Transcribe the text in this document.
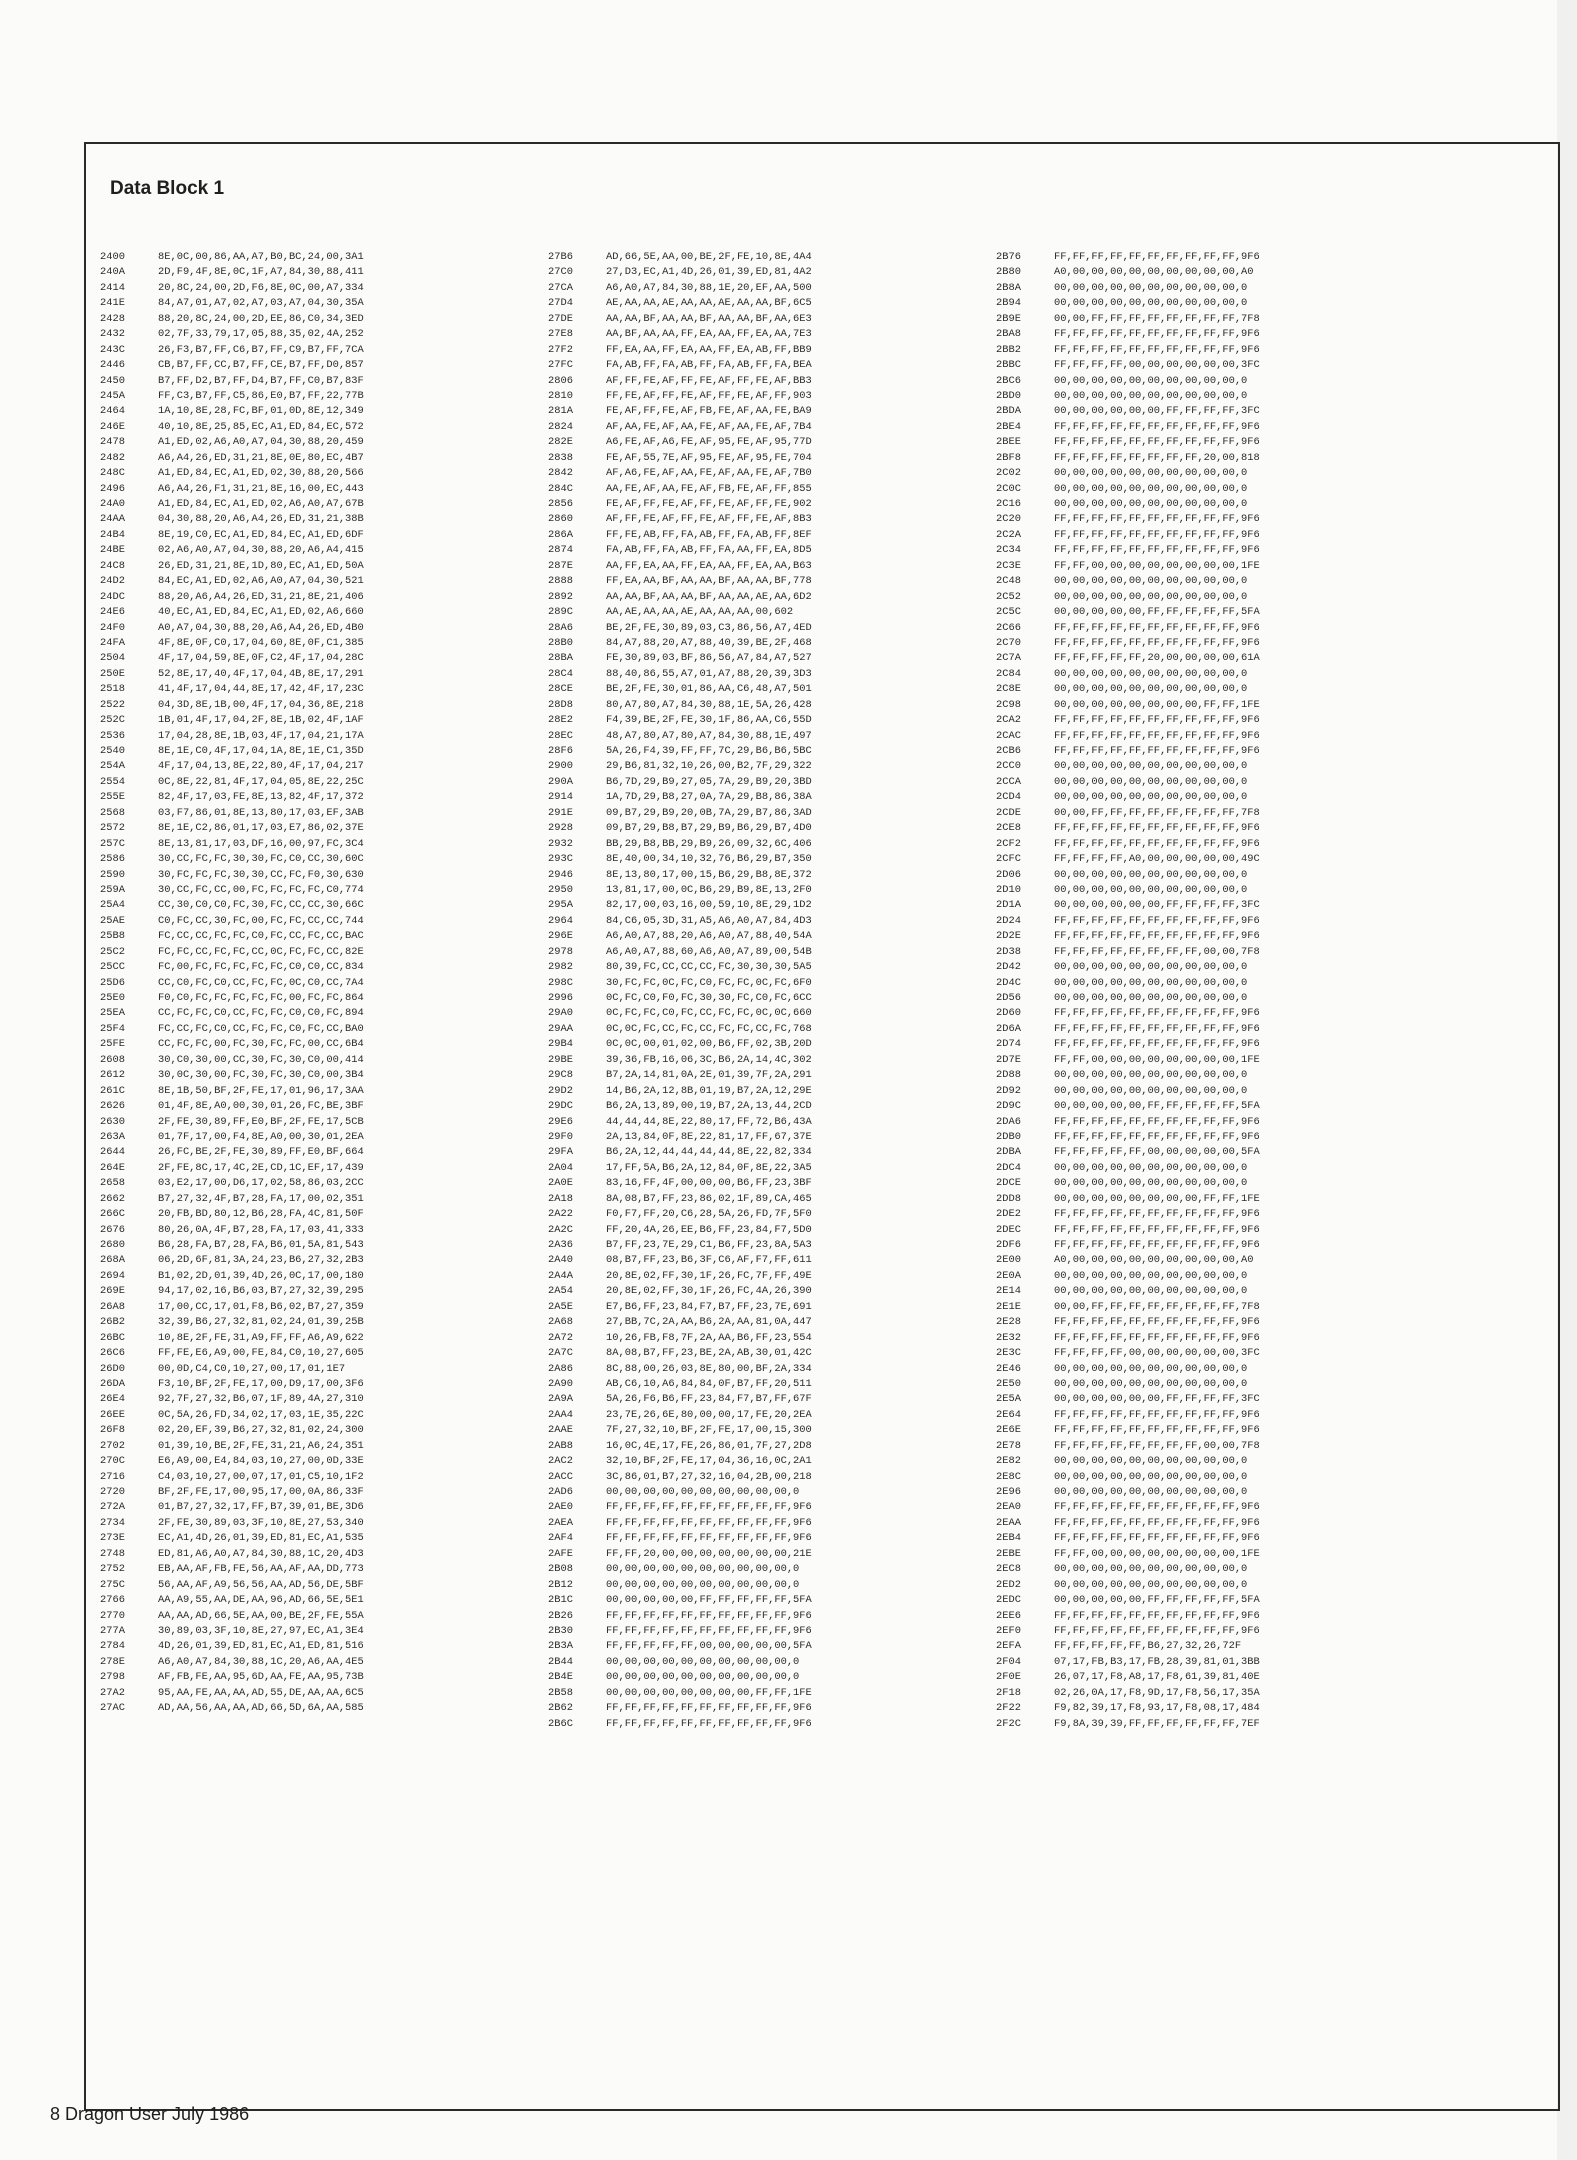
Data Block 1
2400	8E,0C,00,86,AA,A7,B0,BC,24,00,3A1
240A	2D,F9,4F,8E,0C,1F,A7,84,30,88,411
2414	20,8C,24,00,2D,F6,8E,0C,00,A7,334
241E	84,A7,01,A7,02,A7,03,A7,04,30,35A
2428	88,20,8C,24,00,2D,EE,86,C0,34,3ED
2432	02,7F,33,79,17,05,88,35,02,4A,252
243C	26,F3,B7,FF,C6,B7,FF,C9,B7,FF,7CA
2446	CB,B7,FF,CC,B7,FF,CE,B7,FF,D0,857
2450	B7,FF,D2,B7,FF,D4,B7,FF,C0,B7,83F
245A	FF,C3,B7,FF,C5,86,E0,B7,FF,22,77B
2464	1A,10,8E,28,FC,BF,01,0D,8E,12,349
246E	40,10,8E,25,85,EC,A1,ED,84,EC,572
2478	A1,ED,02,A6,A0,A7,04,30,88,20,459
2482	A6,A4,26,ED,31,21,8E,0E,80,EC,4B7
248C	A1,ED,84,EC,A1,ED,02,30,88,20,566
2496	A6,A4,26,F1,31,21,8E,16,00,EC,443
24A0	A1,ED,84,EC,A1,ED,02,A6,A0,A7,67B
24AA	04,30,88,20,A6,A4,26,ED,31,21,38B
24B4	8E,19,C0,EC,A1,ED,84,EC,A1,ED,6DF
24BE	02,A6,A0,A7,04,30,88,20,A6,A4,415
24C8	26,ED,31,21,8E,1D,80,EC,A1,ED,50A
24D2	84,EC,A1,ED,02,A6,A0,A7,04,30,521
24DC	88,20,A6,A4,26,ED,31,21,8E,21,406
24E6	40,EC,A1,ED,84,EC,A1,ED,02,A6,660
24F0	A0,A7,04,30,88,20,A6,A4,26,ED,4B0
24FA	4F,8E,0F,C0,17,04,60,8E,0F,C1,385
2504	4F,17,04,59,8E,0F,C2,4F,17,04,28C
250E	52,8E,17,40,4F,17,04,4B,8E,17,291
2518	41,4F,17,04,44,8E,17,42,4F,17,23C
2522	04,3D,8E,1B,00,4F,17,04,36,8E,218
252C	1B,01,4F,17,04,2F,8E,1B,02,4F,1AF
2536	17,04,28,8E,1B,03,4F,17,04,21,17A
2540	8E,1E,C0,4F,17,04,1A,8E,1E,C1,35D
254A	4F,17,04,13,8E,22,80,4F,17,04,217
2554	0C,8E,22,81,4F,17,04,05,8E,22,25C
255E	82,4F,17,03,FE,8E,13,82,4F,17,372
2568	03,F7,86,01,8E,13,80,17,03,EF,3AB
2572	8E,1E,C2,86,01,17,03,E7,86,02,37E
257C	8E,13,81,17,03,DF,16,00,97,FC,3C4
2586	30,CC,FC,FC,30,30,FC,C0,CC,30,60C
2590	30,FC,FC,FC,30,30,CC,FC,F0,30,630
259A	30,CC,FC,CC,00,FC,FC,FC,FC,C0,774
25A4	CC,30,C0,C0,FC,30,FC,CC,CC,30,66C
25AE	C0,FC,CC,30,FC,00,FC,FC,CC,CC,744
25B8	FC,CC,CC,FC,FC,C0,FC,CC,FC,CC,BAC
25C2	FC,FC,CC,FC,FC,CC,0C,FC,FC,CC,82E
25CC	FC,00,FC,FC,FC,FC,FC,C0,C0,CC,834
25D6	CC,C0,FC,C0,CC,FC,FC,0C,C0,CC,7A4
25E0	F0,C0,FC,FC,FC,FC,FC,00,FC,FC,864
25EA	CC,FC,FC,C0,CC,FC,FC,C0,C0,FC,894
25F4	FC,CC,FC,C0,CC,FC,FC,C0,FC,CC,BA0
25FE	CC,FC,FC,00,FC,30,FC,FC,00,CC,6B4
2608	30,C0,30,00,CC,30,FC,30,C0,00,414
2612	30,0C,30,00,FC,30,FC,30,C0,00,3B4
261C	8E,1B,50,BF,2F,FE,17,01,96,17,3AA
2626	01,4F,8E,A0,00,30,01,26,FC,BE,3BF
2630	2F,FE,30,89,FF,E0,BF,2F,FE,17,5CB
263A	01,7F,17,00,F4,8E,A0,00,30,01,2EA
2644	26,FC,BE,2F,FE,30,89,FF,E0,BF,664
264E	2F,FE,8C,17,4C,2E,CD,1C,EF,17,439
2658	03,E2,17,00,D6,17,02,58,86,03,2CC
2662	B7,27,32,4F,B7,28,FA,17,00,02,351
266C	20,FB,BD,80,12,B6,28,FA,4C,81,50F
2676	80,26,0A,4F,B7,28,FA,17,03,41,333
2680	B6,28,FA,B7,28,FA,B6,01,5A,81,543
268A	06,2D,6F,81,3A,24,23,B6,27,32,2B3
2694	B1,02,2D,01,39,4D,26,0C,17,00,180
269E	94,17,02,16,B6,03,B7,27,32,39,295
26A8	17,00,CC,17,01,F8,B6,02,B7,27,359
26B2	32,39,B6,27,32,81,02,24,01,39,25B
26BC	10,8E,2F,FE,31,A9,FF,FF,A6,A9,622
26C6	FF,FE,E6,A9,00,FE,84,C0,10,27,605
26D0	00,0D,C4,C0,10,27,00,17,01,1E7
26DA	F3,10,BF,2F,FE,17,00,D9,17,00,3F6
26E4	92,7F,27,32,B6,07,1F,89,4A,27,310
26EE	0C,5A,26,FD,34,02,17,03,1E,35,22C
26F8	02,20,EF,39,B6,27,32,81,02,24,300
2702	01,39,10,BE,2F,FE,31,21,A6,24,351
270C	E6,A9,00,E4,84,03,10,27,00,0D,33E
2716	C4,03,10,27,00,07,17,01,C5,10,1F2
2720	BF,2F,FE,17,00,95,17,00,0A,86,33F
272A	01,B7,27,32,17,FF,B7,39,01,BE,3D6
2734	2F,FE,30,89,03,3F,10,8E,27,53,340
273E	EC,A1,4D,26,01,39,ED,81,EC,A1,535
2748	ED,81,A6,A0,A7,84,30,88,1C,20,4D3
2752	EB,AA,AF,FB,FE,56,AA,AF,AA,DD,773
275C	56,AA,AF,A9,56,56,AA,AD,56,DE,5BF
2766	AA,A9,55,AA,DE,AA,96,AD,66,5E,5E1
2770	AA,AA,AD,66,5E,AA,00,BE,2F,FE,55A
277A	30,89,03,3F,10,8E,27,97,EC,A1,3E4
2784	4D,26,01,39,ED,81,EC,A1,ED,81,516
278E	A6,A0,A7,84,30,88,1C,20,A6,AA,4E5
2798	AF,FB,FE,AA,95,6D,AA,FE,AA,95,73B
27A2	95,AA,FE,AA,AA,AD,55,DE,AA,AA,6C5
27AC	AD,AA,56,AA,AA,AD,66,5D,6A,AA,585
27B6	AD,66,5E,AA,00,BE,2F,FE,10,8E,4A4
27C0	27,D3,EC,A1,4D,26,01,39,ED,81,4A2
27CA	A6,A0,A7,84,30,88,1E,20,EF,AA,500
27D4	AE,AA,AA,AE,AA,AA,AE,AA,AA,BF,6C5
27DE	AA,AA,BF,AA,AA,BF,AA,AA,BF,AA,6E3
27E8	AA,BF,AA,AA,FF,EA,AA,FF,EA,AA,7E3
27F2	FF,EA,AA,FF,EA,AA,FF,EA,AB,FF,BB9
27FC	FA,AB,FF,FA,AB,FF,FA,AB,FF,FA,BEA
2806	AF,FF,FE,AF,FF,FE,AF,FF,FE,AF,BB3
2810	FF,FE,AF,FF,FE,AF,FF,FE,AF,FF,903
281A	FE,AF,FF,FE,AF,FB,FE,AF,AA,FE,BA9
2824	AF,AA,FE,AF,AA,FE,AF,AA,FE,AF,7B4
282E	A6,FE,AF,A6,FE,AF,95,FE,AF,95,77D
2838	FE,AF,55,7E,AF,95,FE,AF,95,FE,704
2842	AF,A6,FE,AF,AA,FE,AF,AA,FE,AF,7B0
284C	AA,FE,AF,AA,FE,AF,FB,FE,AF,FF,855
2856	FE,AF,FF,FE,AF,FF,FE,AF,FF,FE,902
2860	AF,FF,FE,AF,FF,FE,AF,FF,FE,AF,8B3
286A	FF,FE,AB,FF,FA,AB,FF,FA,AB,FF,8EF
2874	FA,AB,FF,FA,AB,FF,FA,AA,FF,EA,8D5
287E	AA,FF,EA,AA,FF,EA,AA,FF,EA,AA,B63
2888	FF,EA,AA,BF,AA,AA,BF,AA,AA,BF,778
2892	AA,AA,BF,AA,AA,BF,AA,AA,AE,AA,6D2
289C	AA,AE,AA,AA,AE,AA,AA,AA,00,602
28A6	BE,2F,FE,30,89,03,C3,86,56,A7,4ED
28B0	84,A7,88,20,A7,88,40,39,BE,2F,468
28BA	FE,30,89,03,BF,86,56,A7,84,A7,527
28C4	88,40,86,55,A7,01,A7,88,20,39,3D3
28CE	BE,2F,FE,30,01,86,AA,C6,48,A7,501
28D8	80,A7,80,A7,84,30,88,1E,5A,26,428
28E2	F4,39,BE,2F,FE,30,1F,86,AA,C6,55D
28EC	48,A7,80,A7,80,A7,84,30,88,1E,497
28F6	5A,26,F4,39,FF,FF,7C,29,B6,B6,5BC
2900	29,B6,81,32,10,26,00,B2,7F,29,322
290A	B6,7D,29,B9,27,05,7A,29,B9,20,3BD
2914	1A,7D,29,B8,27,0A,7A,29,B8,86,38A
291E	09,B7,29,B9,20,0B,7A,29,B7,86,3AD
2928	09,B7,29,B8,B7,29,B9,B6,29,B7,4D0
2932	BB,29,B8,BB,29,B9,26,09,32,6C,406
293C	8E,40,00,34,10,32,76,B6,29,B7,350
2946	8E,13,80,17,00,15,B6,29,B8,8E,372
2950	13,81,17,00,0C,B6,29,B9,8E,13,2F0
295A	82,17,00,03,16,00,59,10,8E,29,1D2
2964	84,C6,05,3D,31,A5,A6,A0,A7,84,4D3
296E	A6,A0,A7,88,20,A6,A0,A7,88,40,54A
2978	A6,A0,A7,88,60,A6,A0,A7,89,00,54B
2982	80,39,FC,CC,CC,CC,FC,30,30,30,5A5
298C	30,FC,FC,0C,FC,C0,FC,FC,0C,FC,6F0
2996	0C,FC,C0,F0,FC,30,30,FC,C0,FC,6CC
29A0	0C,FC,FC,C0,FC,CC,FC,FC,0C,0C,660
29AA	0C,0C,FC,CC,FC,CC,FC,FC,CC,FC,768
29B4	0C,0C,00,01,02,00,B6,FF,02,3B,20D
29BE	39,36,FB,16,06,3C,B6,2A,14,4C,302
29C8	B7,2A,14,81,0A,2E,01,39,7F,2A,291
29D2	14,B6,2A,12,8B,01,19,B7,2A,12,29E
29DC	B6,2A,13,89,00,19,B7,2A,13,44,2CD
29E6	44,44,44,8E,22,80,17,FF,72,B6,43A
29F0	2A,13,84,0F,8E,22,81,17,FF,67,37E
29FA	B6,2A,12,44,44,44,44,8E,22,82,334
2A04	17,FF,5A,B6,2A,12,84,0F,8E,22,3A5
2A0E	83,16,FF,4F,00,00,00,B6,FF,23,3BF
2A18	8A,08,B7,FF,23,86,02,1F,89,CA,465
2A22	F0,F7,FF,20,C6,28,5A,26,FD,7F,5F0
2A2C	FF,20,4A,26,EE,B6,FF,23,84,F7,5D0
2A36	B7,FF,23,7E,29,C1,B6,FF,23,8A,5A3
2A40	08,B7,FF,23,B6,3F,C6,AF,F7,FF,611
2A4A	20,8E,02,FF,30,1F,26,FC,7F,FF,49E
2A54	20,8E,02,FF,30,1F,26,FC,4A,26,390
2A5E	E7,B6,FF,23,84,F7,B7,FF,23,7E,691
2A68	27,BB,7C,2A,AA,B6,2A,AA,81,0A,447
2A72	10,26,FB,F8,7F,2A,AA,B6,FF,23,554
2A7C	8A,08,B7,FF,23,BE,2A,AB,30,01,42C
2A86	8C,88,00,26,03,8E,80,00,BF,2A,334
2A90	AB,C6,10,A6,84,84,0F,B7,FF,20,511
2A9A	5A,26,F6,B6,FF,23,84,F7,B7,FF,67F
2AA4	23,7E,26,6E,80,00,00,17,FE,20,2EA
2AAE	7F,27,32,10,BF,2F,FE,17,00,15,300
2AB8	16,0C,4E,17,FE,26,86,01,7F,27,2D8
2AC2	32,10,BF,2F,FE,17,04,36,16,0C,2A1
2ACC	3C,86,01,B7,27,32,16,04,2B,00,218
2AD6	00,00,00,00,00,00,00,00,00,00,0
2AE0	FF,FF,FF,FF,FF,FF,FF,FF,FF,FF,9F6
2AEA	FF,FF,FF,FF,FF,FF,FF,FF,FF,FF,9F6
2AF4	FF,FF,FF,FF,FF,FF,FF,FF,FF,FF,9F6
2AFE	FF,FF,20,00,00,00,00,00,00,00,21E
2B08	00,00,00,00,00,00,00,00,00,00,0
2B12	00,00,00,00,00,00,00,00,00,00,0
2B1C	00,00,00,00,00,FF,FF,FF,FF,FF,5FA
2B26	FF,FF,FF,FF,FF,FF,FF,FF,FF,FF,9F6
2B30	FF,FF,FF,FF,FF,FF,FF,FF,FF,FF,9F6
2B3A	FF,FF,FF,FF,FF,00,00,00,00,00,5FA
2B44	00,00,00,00,00,00,00,00,00,00,0
2B4E	00,00,00,00,00,00,00,00,00,00,0
2B58	00,00,00,00,00,00,00,00,FF,FF,1FE
2B62	FF,FF,FF,FF,FF,FF,FF,FF,FF,FF,9F6
2B6C	FF,FF,FF,FF,FF,FF,FF,FF,FF,FF,9F6
2B76	FF,FF,FF,FF,FF,FF,FF,FF,FF,FF,9F6
2B80	A0,00,00,00,00,00,00,00,00,00,A0
2B8A	00,00,00,00,00,00,00,00,00,00,0
2B94	00,00,00,00,00,00,00,00,00,00,0
2B9E	00,00,FF,FF,FF,FF,FF,FF,FF,FF,7F8
2BA8	FF,FF,FF,FF,FF,FF,FF,FF,FF,FF,9F6
2BB2	FF,FF,FF,FF,FF,FF,FF,FF,FF,FF,9F6
2BBC	FF,FF,FF,FF,00,00,00,00,00,00,3FC
2BC6	00,00,00,00,00,00,00,00,00,00,0
2BD0	00,00,00,00,00,00,00,00,00,00,0
2BDA	00,00,00,00,00,00,FF,FF,FF,FF,3FC
2BE4	FF,FF,FF,FF,FF,FF,FF,FF,FF,FF,9F6
2BEE	FF,FF,FF,FF,FF,FF,FF,FF,FF,FF,9F6
2BF8	FF,FF,FF,FF,FF,FF,FF,FF,20,00,818
2C02	00,00,00,00,00,00,00,00,00,00,0
2C0C	00,00,00,00,00,00,00,00,00,00,0
2C16	00,00,00,00,00,00,00,00,00,00,0
2C20	FF,FF,FF,FF,FF,FF,FF,FF,FF,FF,9F6
2C2A	FF,FF,FF,FF,FF,FF,FF,FF,FF,FF,9F6
2C34	FF,FF,FF,FF,FF,FF,FF,FF,FF,FF,9F6
2C3E	FF,FF,00,00,00,00,00,00,00,00,1FE
2C48	00,00,00,00,00,00,00,00,00,00,0
2C52	00,00,00,00,00,00,00,00,00,00,0
2C5C	00,00,00,00,00,FF,FF,FF,FF,FF,5FA
2C66	FF,FF,FF,FF,FF,FF,FF,FF,FF,FF,9F6
2C70	FF,FF,FF,FF,FF,FF,FF,FF,FF,FF,9F6
2C7A	FF,FF,FF,FF,FF,20,00,00,00,00,61A
2C84	00,00,00,00,00,00,00,00,00,00,0
2C8E	00,00,00,00,00,00,00,00,00,00,0
2C98	00,00,00,00,00,00,00,00,FF,FF,1FE
2CA2	FF,FF,FF,FF,FF,FF,FF,FF,FF,FF,9F6
2CAC	FF,FF,FF,FF,FF,FF,FF,FF,FF,FF,9F6
2CB6	FF,FF,FF,FF,FF,FF,FF,FF,FF,FF,9F6
2CC0	00,00,00,00,00,00,00,00,00,00,0
2CCA	00,00,00,00,00,00,00,00,00,00,0
2CD4	00,00,00,00,00,00,00,00,00,00,0
2CDE	00,00,FF,FF,FF,FF,FF,FF,FF,FF,7F8
2CE8	FF,FF,FF,FF,FF,FF,FF,FF,FF,FF,9F6
2CF2	FF,FF,FF,FF,FF,FF,FF,FF,FF,FF,9F6
2CFC	FF,FF,FF,FF,A0,00,00,00,00,00,49C
2D06	00,00,00,00,00,00,00,00,00,00,0
2D10	00,00,00,00,00,00,00,00,00,00,0
2D1A	00,00,00,00,00,00,FF,FF,FF,FF,3FC
2D24	FF,FF,FF,FF,FF,FF,FF,FF,FF,FF,9F6
2D2E	FF,FF,FF,FF,FF,FF,FF,FF,FF,FF,9F6
2D38	FF,FF,FF,FF,FF,FF,FF,FF,00,00,7F8
2D42	00,00,00,00,00,00,00,00,00,00,0
2D4C	00,00,00,00,00,00,00,00,00,00,0
2D56	00,00,00,00,00,00,00,00,00,00,0
2D60	FF,FF,FF,FF,FF,FF,FF,FF,FF,FF,9F6
2D6A	FF,FF,FF,FF,FF,FF,FF,FF,FF,FF,9F6
2D74	FF,FF,FF,FF,FF,FF,FF,FF,FF,FF,9F6
2D7E	FF,FF,00,00,00,00,00,00,00,00,1FE
2D88	00,00,00,00,00,00,00,00,00,00,0
2D92	00,00,00,00,00,00,00,00,00,00,0
2D9C	00,00,00,00,00,FF,FF,FF,FF,FF,5FA
2DA6	FF,FF,FF,FF,FF,FF,FF,FF,FF,FF,9F6
2DB0	FF,FF,FF,FF,FF,FF,FF,FF,FF,FF,9F6
2DBA	FF,FF,FF,FF,FF,00,00,00,00,00,5FA
2DC4	00,00,00,00,00,00,00,00,00,00,0
2DCE	00,00,00,00,00,00,00,00,00,00,0
2DD8	00,00,00,00,00,00,00,00,FF,FF,1FE
2DE2	FF,FF,FF,FF,FF,FF,FF,FF,FF,FF,9F6
2DEC	FF,FF,FF,FF,FF,FF,FF,FF,FF,FF,9F6
2DF6	FF,FF,FF,FF,FF,FF,FF,FF,FF,FF,9F6
2E00	A0,00,00,00,00,00,00,00,00,00,A0
2E0A	00,00,00,00,00,00,00,00,00,00,0
2E14	00,00,00,00,00,00,00,00,00,00,0
2E1E	00,00,FF,FF,FF,FF,FF,FF,FF,FF,7F8
2E28	FF,FF,FF,FF,FF,FF,FF,FF,FF,FF,9F6
2E32	FF,FF,FF,FF,FF,FF,FF,FF,FF,FF,9F6
2E3C	FF,FF,FF,FF,00,00,00,00,00,00,3FC
2E46	00,00,00,00,00,00,00,00,00,00,0
2E50	00,00,00,00,00,00,00,00,00,00,0
2E5A	00,00,00,00,00,00,FF,FF,FF,FF,3FC
2E64	FF,FF,FF,FF,FF,FF,FF,FF,FF,FF,9F6
2E6E	FF,FF,FF,FF,FF,FF,FF,FF,FF,FF,9F6
2E78	FF,FF,FF,FF,FF,FF,FF,FF,00,00,7F8
2E82	00,00,00,00,00,00,00,00,00,00,0
2E8C	00,00,00,00,00,00,00,00,00,00,0
2E96	00,00,00,00,00,00,00,00,00,00,0
2EA0	FF,FF,FF,FF,FF,FF,FF,FF,FF,FF,9F6
2EAA	FF,FF,FF,FF,FF,FF,FF,FF,FF,FF,9F6
2EB4	FF,FF,FF,FF,FF,FF,FF,FF,FF,FF,9F6
2EBE	FF,FF,00,00,00,00,00,00,00,00,1FE
2EC8	00,00,00,00,00,00,00,00,00,00,0
2ED2	00,00,00,00,00,00,00,00,00,00,0
2EDC	00,00,00,00,00,FF,FF,FF,FF,FF,5FA
2EE6	FF,FF,FF,FF,FF,FF,FF,FF,FF,FF,9F6
2EF0	FF,FF,FF,FF,FF,FF,FF,FF,FF,FF,9F6
2EFA	FF,FF,FF,FF,FF,B6,27,32,26,72F
2F04	07,17,FB,B3,17,FB,28,39,81,01,3BB
2F0E	26,07,17,F8,A8,17,F8,61,39,81,40E
2F18	02,26,0A,17,F8,9D,17,F8,56,17,35A
2F22	F9,82,39,17,F8,93,17,F8,08,17,484
2F2C	F9,8A,39,39,FF,FF,FF,FF,FF,FF,7EF
8 Dragon User July 1986
